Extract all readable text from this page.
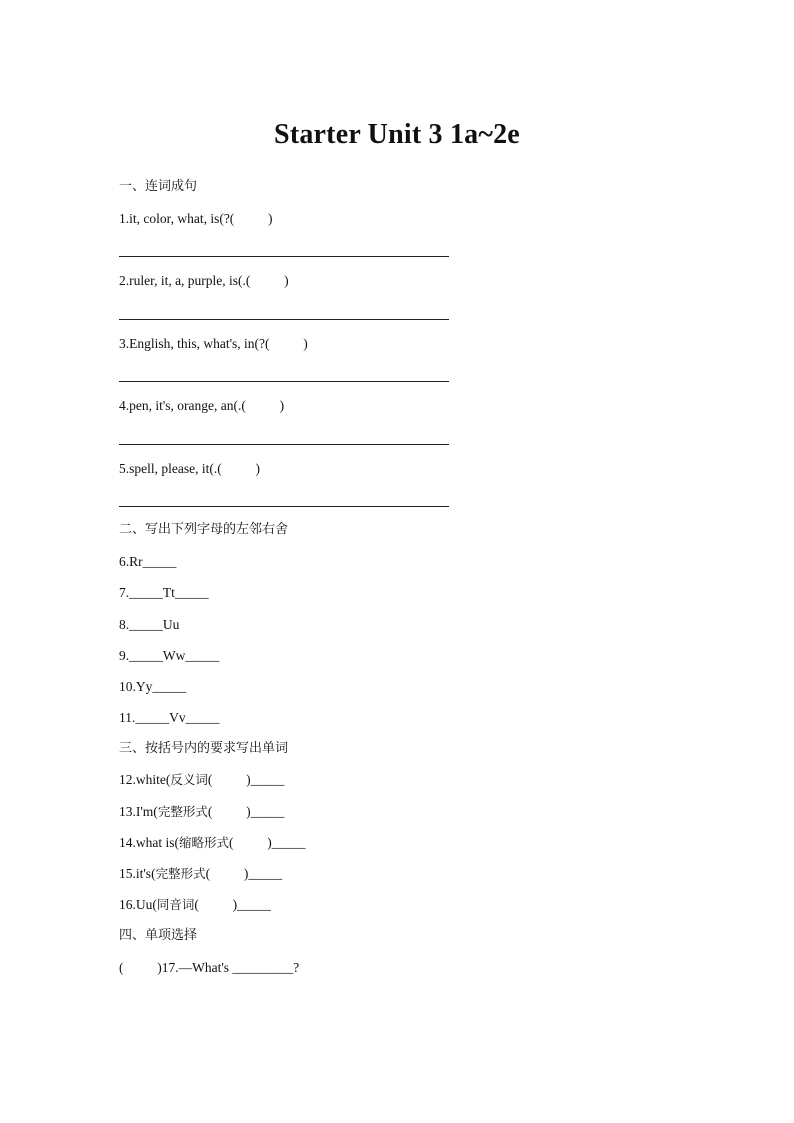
Starter Unit 3 1a~2e
一、连词成句
1.it, color, what, is(?(          )
2.ruler, it, a, purple, is(.(          )
3.English, this, what's, in(?(          )
4.pen, it's, orange, an(.(          )
5.spell, please, it(.(          )
二、写出下列字母的左邻右舍
6.Rr_____
7._____Tt_____
8._____Uu
9._____Ww_____
10.Yy_____
11._____Vv_____
三、按括号内的要求写出单词
12.white(反义词(          )_____
13.I'm(完整形式(          )_____
14.what is(缩略形式(          )_____
15.it's(完整形式(          )_____
16.Uu(同音词(          )_____
四、单项选择
(          )17.—What's _________?
